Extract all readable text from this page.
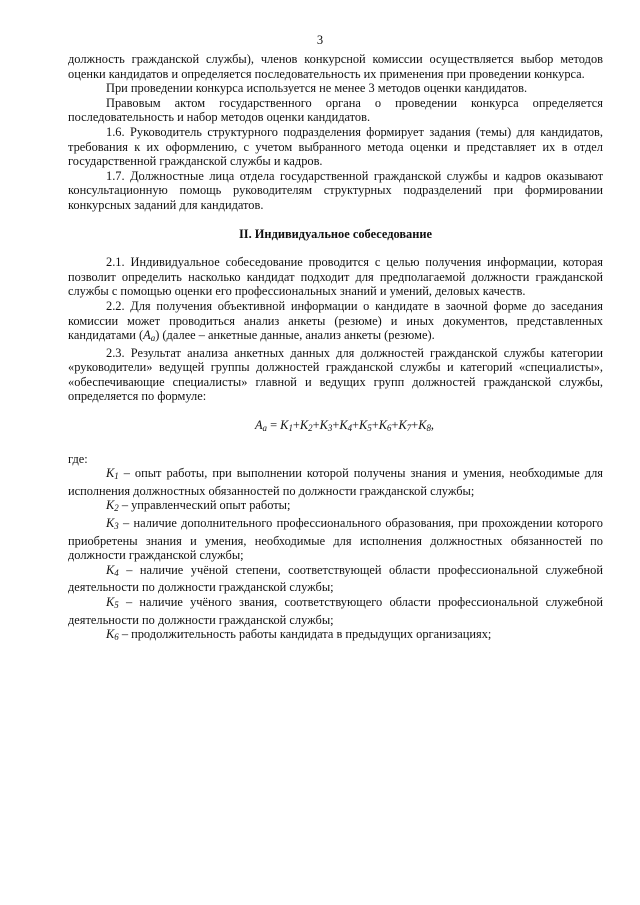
3

должность гражданской службы), членов конкурсной комиссии осуществляется выбор методов оценки кандидатов и определяется последовательность их применения при проведении конкурса.

При проведении конкурса используется не менее 3 методов оценки кандидатов.

Правовым актом государственного органа о проведении конкурса определяется последовательность и набор методов оценки кандидатов.

1.6. Руководитель структурного подразделения формирует задания (темы) для кандидатов, требования к их оформлению, с учетом выбранного метода оценки и представляет их в отдел государственной гражданской службы и кадров.

1.7. Должностные лица отдела государственной гражданской службы и кадров оказывают консультационную помощь руководителям структурных подразделений при формировании конкурсных заданий для кандидатов.

II. Индивидуальное собеседование

2.1. Индивидуальное собеседование проводится с целью получения информации, которая позволит определить насколько кандидат подходит для предполагаемой должности гражданской службы с помощью оценки его профессиональных знаний и умений, деловых качеств.

2.2. Для получения объективной информации о кандидате в заочной форме до заседания комиссии может проводиться анализ анкеты (резюме) и иных документов, представленных кандидатами $(A_a)$ (далее – анкетные данные, анализ анкеты (резюме).

2.3. Результат анализа анкетных данных для должностей гражданской службы категории «руководители» ведущей группы должностей гражданской службы и категорий «специалисты», «обеспечивающие специалисты» главной и ведущих групп должностей гражданской службы, определяется по формуле:

$A_a = K_1+K_2+K_3+K_4+K_5+K_6+K_7+K_8$,

где:

$K_1$ – опыт работы, при выполнении которой получены знания и умения, необходимые для исполнения должностных обязанностей по должности гражданской службы;

$K_2$ – управленческий опыт работы;

$K_3$ – наличие дополнительного профессионального образования, при прохождении которого приобретены знания и умения, необходимые для исполнения должностных обязанностей по должности гражданской службы;

$K_4$ – наличие учёной степени, соответствующей области профессиональной служебной деятельности по должности гражданской службы;

$K_5$ – наличие учёного звания, соответствующего области профессиональной служебной деятельности по должности гражданской службы;

$K_6$ – продолжительность работы кандидата в предыдущих организациях;
